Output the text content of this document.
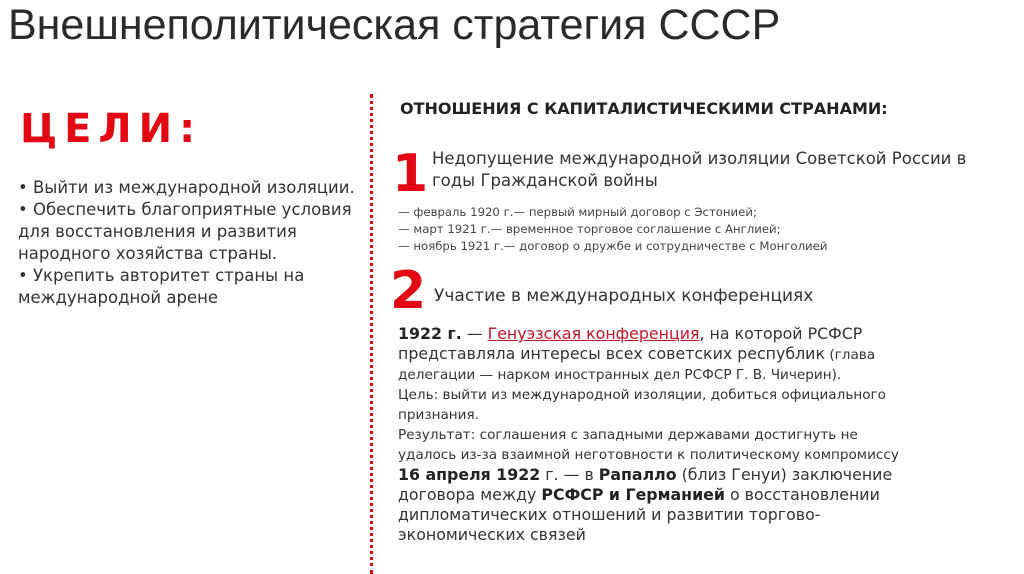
Внешнеполитическая стратегия СССР
ЦЕЛИ:
• Выйти из международной изоляции.
• Обеспечить благоприятные условия для восстановления и развития народного хозяйства страны.
• Укрепить авторитет страны на международной арене
ОТНОШЕНИЯ С КАПИТАЛИСТИЧЕСКИМИ СТРАНАМИ:
1 Недопущение международной изоляции Советской России в годы Гражданской войны
— февраль 1920 г.— первый мирный договор с Эстонией;
— март 1921 г.— временное торговое соглашение с Англией;
— ноябрь 1921 г.— договор о дружбе и сотрудничестве с Монголией
2 Участие в международных конференциях
1922 г. — Генуэзская конференция, на которой РСФСР
представляла интересы всех советских республик (глава
делегации — нарком иностранных дел РСФСР Г. В. Чичерин).
Цель: выйти из международной изоляции, добиться официального
признания.
Результат: соглашения с западными державами достигнуть не
удалось из-за взаимной неготовности к политическому компромиссу
16 апреля 1922 г. — в Рапалло (близ Генуи) заключение
договора между РСФСР и Германией о восстановлении
дипломатических отношений и развитии торгово-
экономических связей
